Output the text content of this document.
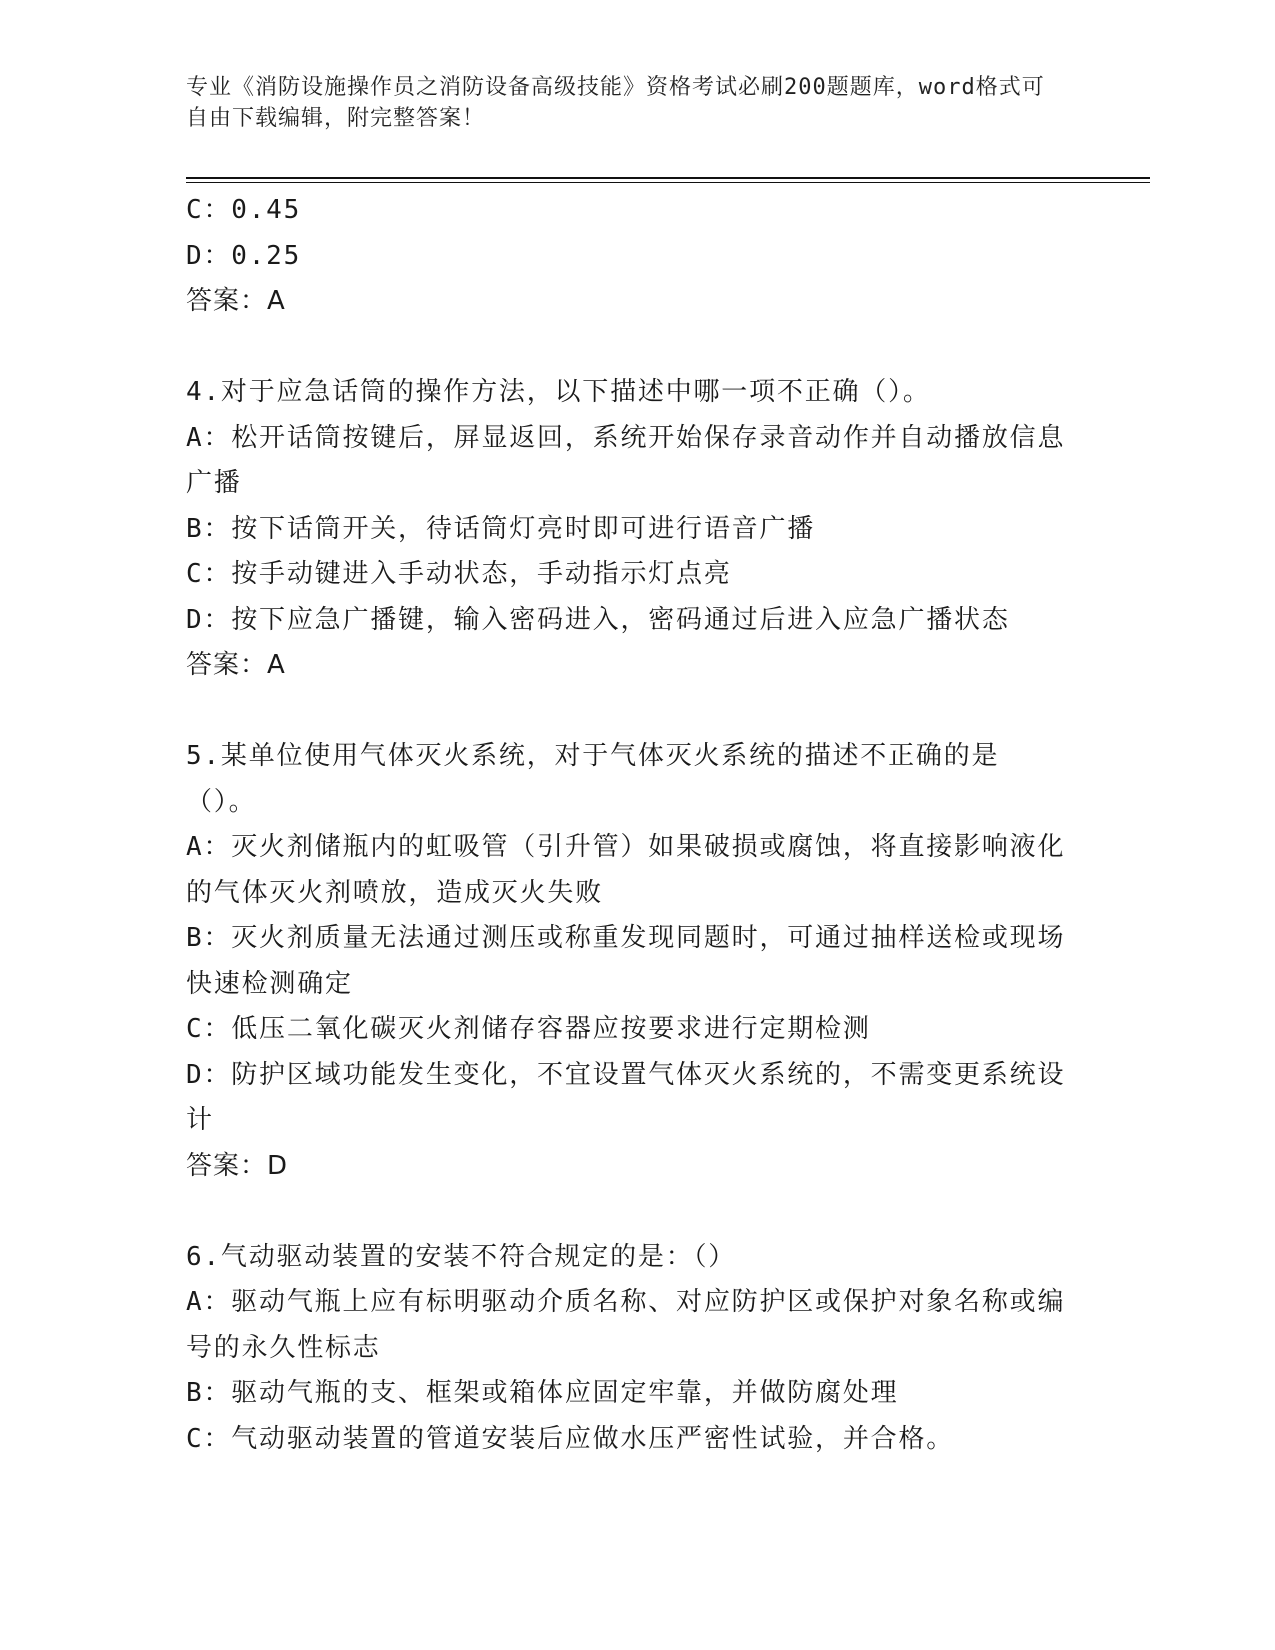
专业《消防设施操作员之消防设备高级技能》资格考试必刷200题题库，word格式可自由下载编辑，附完整答案！
C：0.45
D：0.25
答案：A
4.对于应急话筒的操作方法，以下描述中哪一项不正确（）。
A：松开话筒按键后，屏显返回，系统开始保存录音动作并自动播放信息广播
B：按下话筒开关，待话筒灯亮时即可进行语音广播
C：按手动键进入手动状态，手动指示灯点亮
D：按下应急广播键，输入密码进入，密码通过后进入应急广播状态
答案：A
5.某单位使用气体灭火系统，对于气体灭火系统的描述不正确的是（）。
A：灭火剂储瓶内的虹吸管（引升管）如果破损或腐蚀，将直接影响液化的气体灭火剂喷放，造成灭火失败
B：灭火剂质量无法通过测压或称重发现同题时，可通过抽样送检或现场快速检测确定
C：低压二氧化碳灭火剂储存容器应按要求进行定期检测
D：防护区域功能发生变化，不宜设置气体灭火系统的，不需变更系统设计
答案：D
6.气动驱动装置的安装不符合规定的是：（）
A：驱动气瓶上应有标明驱动介质名称、对应防护区或保护对象名称或编号的永久性标志
B：驱动气瓶的支、框架或箱体应固定牢靠，并做防腐处理
C：气动驱动装置的管道安装后应做水压严密性试验，并合格。
